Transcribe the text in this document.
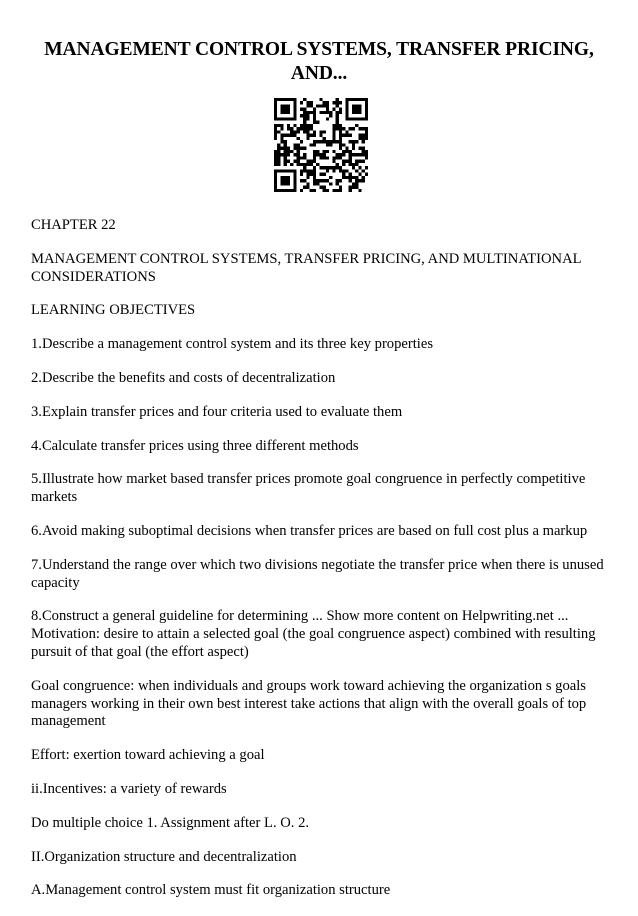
MANAGEMENT CONTROL SYSTEMS, TRANSFER PRICING, AND...

CHAPTER 22

MANAGEMENT CONTROL SYSTEMS, TRANSFER PRICING, AND MULTINATIONAL CONSIDERATIONS

LEARNING OBJECTIVES

1.Describe a management control system and its three key properties

2.Describe the benefits and costs of decentralization

3.Explain transfer prices and four criteria used to evaluate them

4.Calculate transfer prices using three different methods

5.Illustrate how market based transfer prices promote goal congruence in perfectly competitive markets

6.Avoid making suboptimal decisions when transfer prices are based on full cost plus a markup

7.Understand the range over which two divisions negotiate the transfer price when there is unused capacity

8.Construct a general guideline for determining ... Show more content on Helpwriting.net ... Motivation: desire to attain a selected goal (the goal congruence aspect) combined with resulting pursuit of that goal (the effort aspect)

Goal congruence: when individuals and groups work toward achieving the organization s goals managers working in their own best interest take actions that align with the overall goals of top management

Effort: exertion toward achieving a goal

ii.Incentives: a variety of rewards

Do multiple choice 1. Assignment after L. O. 2.

II.Organization structure and decentralization

A.Management control system must fit organization structure
